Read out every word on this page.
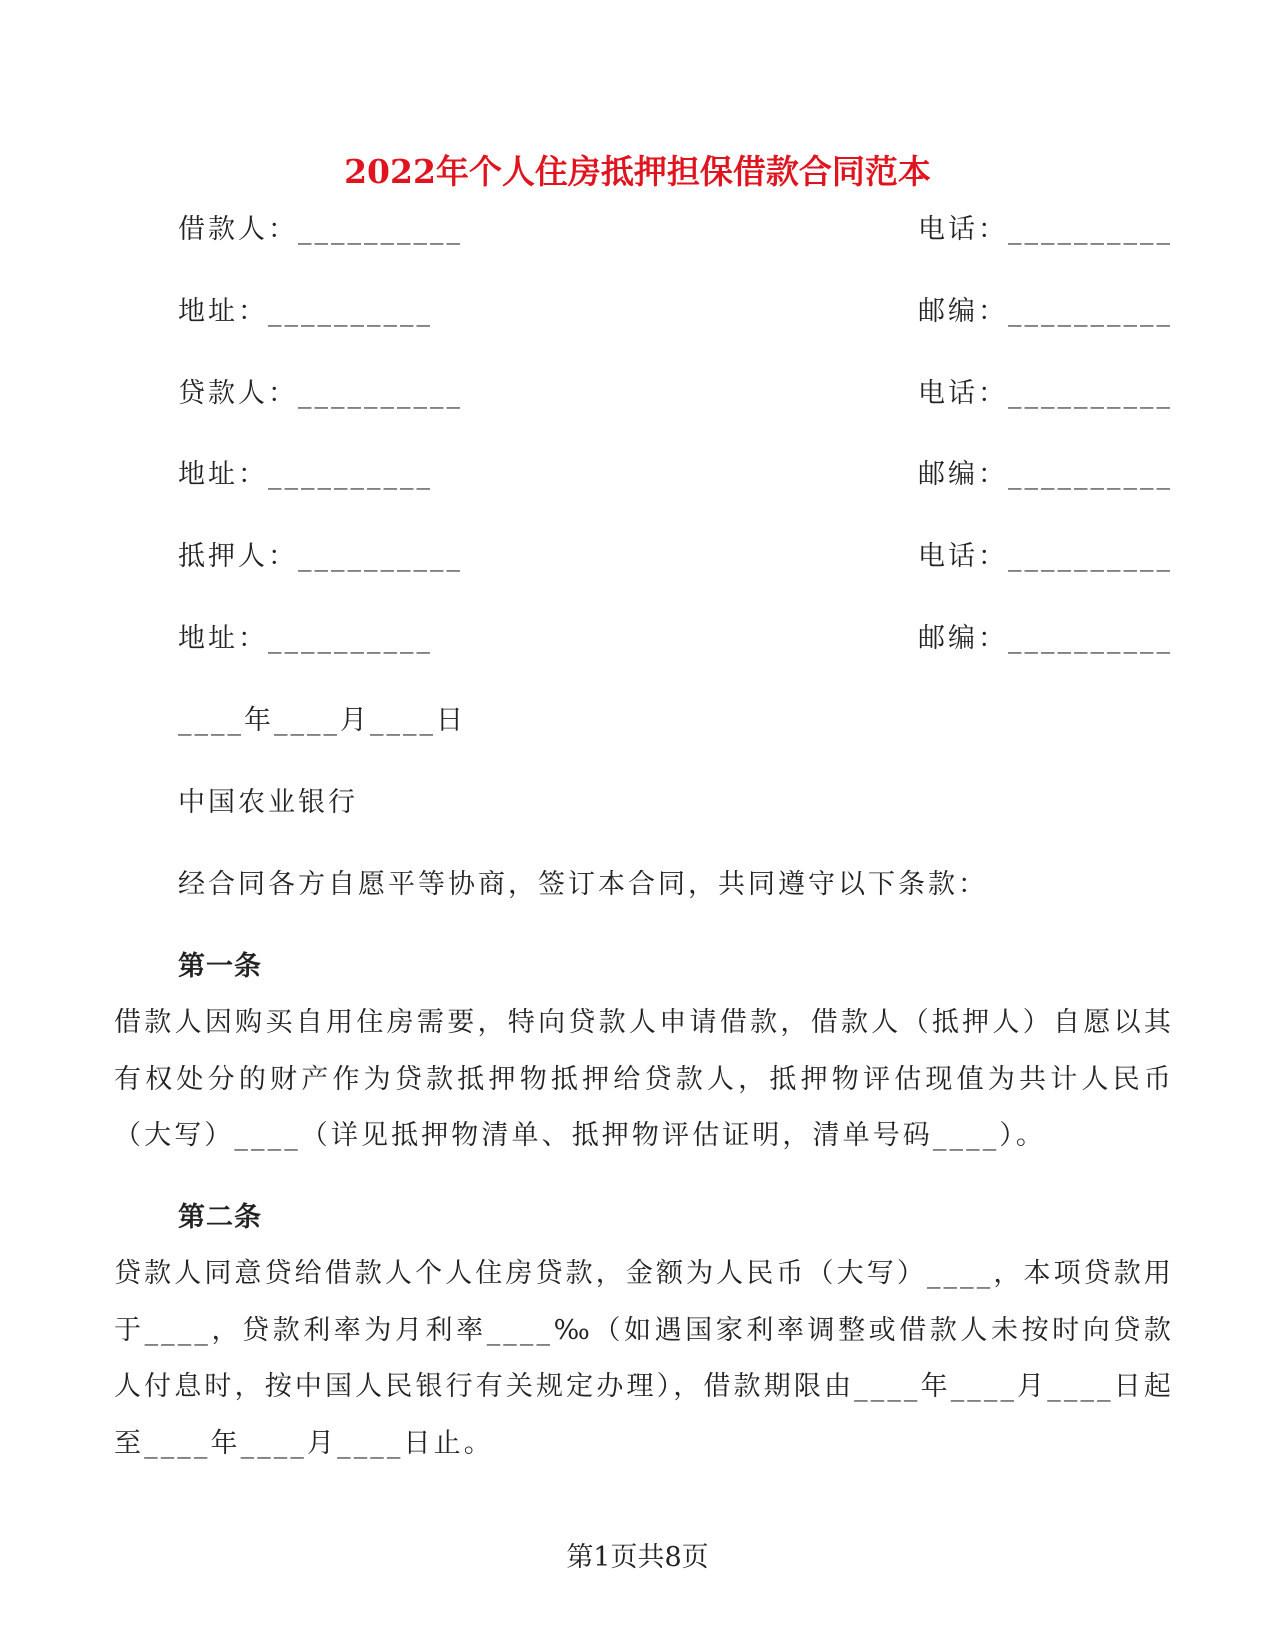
2022年个人住房抵押担保借款合同范本
借款人：__________	电话：__________
地址：__________	邮编：__________
贷款人：__________	电话：__________
地址：__________	邮编：__________
抵押人：__________	电话：__________
地址：__________	邮编：__________
____年____月____日
中国农业银行
经合同各方自愿平等协商，签订本合同，共同遵守以下条款：
第一条
借款人因购买自用住房需要，特向贷款人申请借款，借款人（抵押人）自愿以其有权处分的财产作为贷款抵押物抵押给贷款人，抵押物评估现值为共计人民币（大写）____（详见抵押物清单、抵押物评估证明，清单号码____）。
第二条
贷款人同意贷给借款人个人住房贷款，金额为人民币（大写）____，本项贷款用于____，贷款利率为月利率____‰（如遇国家利率调整或借款人未按时向贷款人付息时，按中国人民银行有关规定办理），借款期限由____年____月____日起至____年____月____日止。
第1页共8页
